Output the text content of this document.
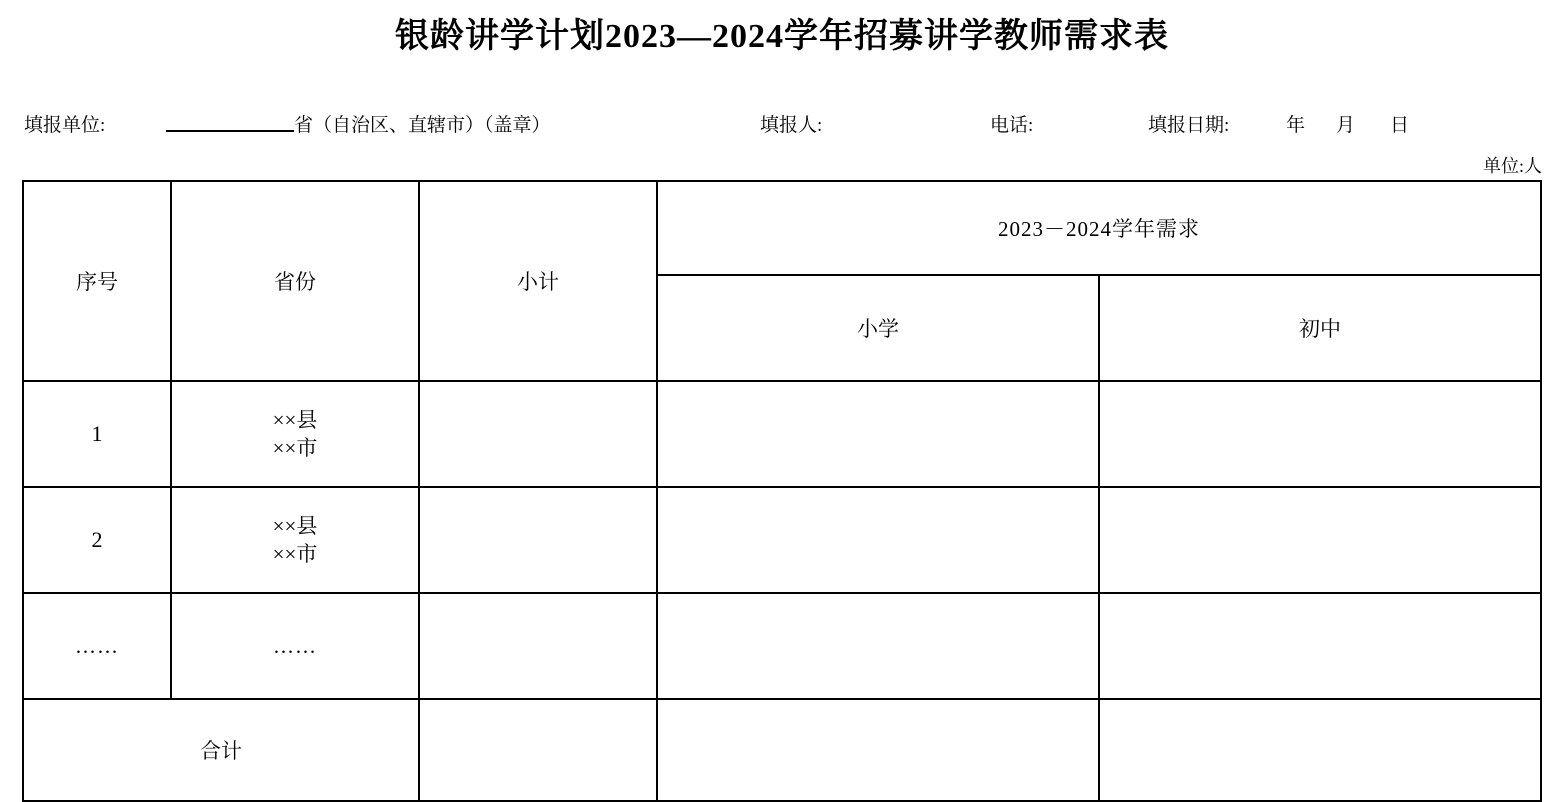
银龄讲学计划2023—2024学年招募讲学教师需求表
填报单位:	省（自治区、直辖市）（盖章）	填报人:	电话:	填报日期:	年 月 日
单位:人
序号	省份	小计	2023－2024学年需求	
			小学	初中
1	××县
××市			

2	××县
××市			

……	……			
合计				
